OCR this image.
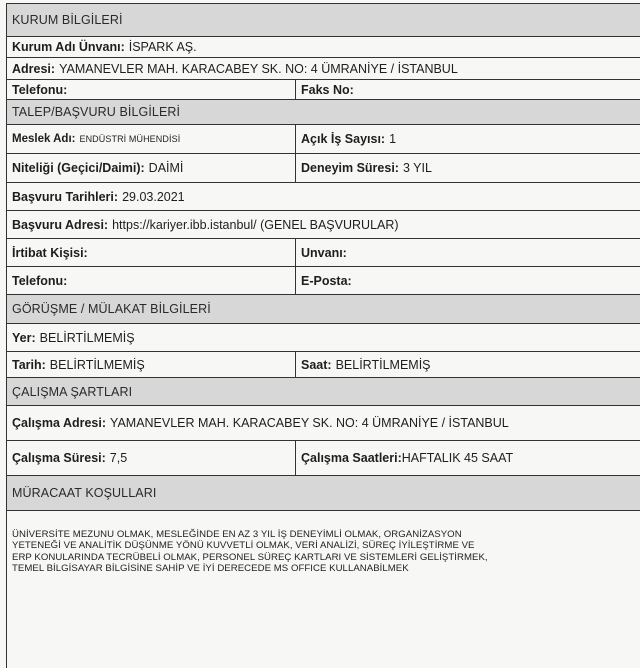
KURUM BİLGİLERİ
Kurum Adı Ünvanı: İSPARK AŞ.
Adresi: YAMANEVLER MAH. KARACABEY SK. NO: 4 ÜMRANİYE / İSTANBUL
Telefonu:	Faks No:
TALEP/BAŞVURU BİLGİLERİ
Meslek Adı: ENDÜSTRİ MÜHENDİSİ	Açık İş Sayısı: 1
Niteliği (Geçici/Daimi): DAİMİ	Deneyim Süresi: 3 YIL
Başvuru Tarihleri: 29.03.2021
Başvuru Adresi: https://kariyer.ibb.istanbul/ (GENEL BAŞVURULAR)
İrtibat Kişisi:	Unvanı:
Telefonu:	E-Posta:
GÖRÜŞME / MÜLAKAT BİLGİLERİ
Yer: BELİRTİLMEMİŞ
Tarih: BELİRTİLMEMİŞ	Saat: BELİRTİLMEMİŞ
ÇALIŞMA ŞARTLARI
Çalışma Adresi: YAMANEVLER MAH. KARACABEY SK. NO: 4 ÜMRANİYE / İSTANBUL
Çalışma Süresi: 7,5	Çalışma Saatleri: HAFTALIK 45 SAAT
MÜRACAAT KOŞULLARI
ÜNİVERSİTE MEZUNU OLMAK, MESLEĞİNDE EN AZ 3 YIL İŞ DENEYİMLİ OLMAK, ORGANİZASYON
YETENEĞİ VE ANALİTİK DÜŞÜNME YÖNÜ KUVVETLİ OLMAK, VERİ ANALİZİ, SÜREÇ İYİLEŞTİRME VE
ERP KONULARINDA TECRÜBELİ OLMAK, PERSONEL SÜREÇ KARTLARI VE SİSTEMLERİ GELİŞTİRMEK,
TEMEL BİLGİSAYAR BİLGİSİNE SAHİP VE İYİ DERECEDE MS OFFICE KULLANABİLMEK
